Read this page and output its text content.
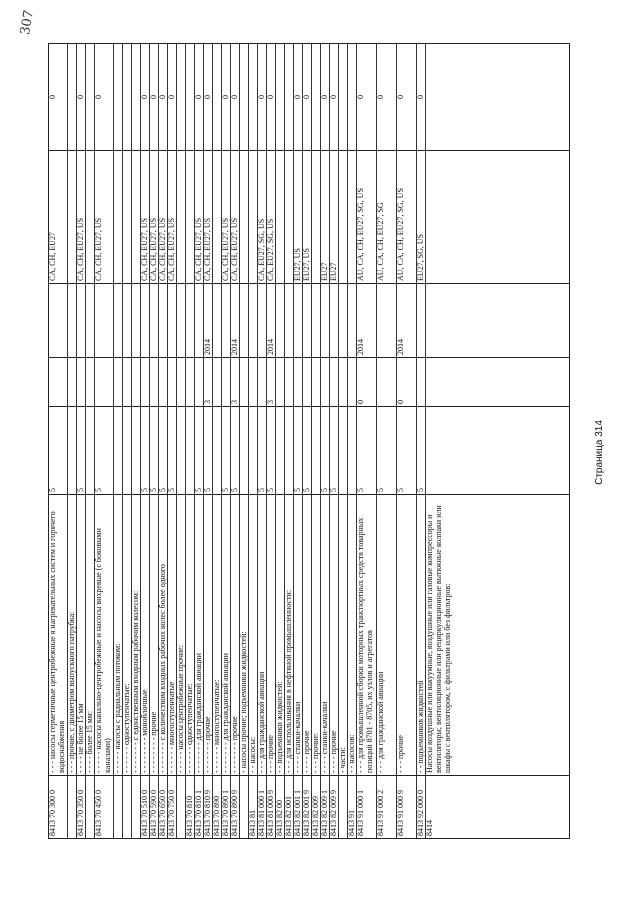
8413 70 300 0
- - - насосы герметичные центробежные я нагревательных систем и горячего водоснабжения
5
CA, CH, EU27
0
- - - прочие, с диаметром выпускного патрубка:
8413 70 350 0
- - - - не более 15 мм
5
CA, CH, EU27, US
0
- - - - более 15 мм:
8413 70 450 0
- - - - - насосы канально-центробежные и насосы вихревые (с боковыми каналами)
5
CA, CH, EU27, US
0
- - - - - насосы с радиальным потоком: - - - - - - одноступенчатые: - - - - - - - с единственным входным рабочим колесом:
8413 70 510 0
- - - - - - - - моноблочные
5
CA, CH, EU27, US
0
8413 70 590 0
- - - - - - - - прочие
5
CA, CH, EU27, US
0
8413 70 650 0
- - - - - - - с количеством входных рабочих колес более одного
5
CA, CH, EU27, US
0
8413 70 750 0
- - - - - - многоступенчатые
5
CA, CH, EU27, US
0
- - - - - насосы центробежные прочие:
8413 70 810
- - - - - - одноступенчатые:
8413 70 810 1
- - - - - - - для гражданской авиации
5
CA, CH, EU27, US
0
8413 70 810 9
- - - - - - - прочие
5
3
2014
CA, CH, EU27, US
0
8413 70 890
- - - - - - многоступенчатые:
8413 70 890 1
- - - - - - - для гражданской авиации
5
CA, CH, EU27, US
0
8413 70 890 9
- - - - - - - прочие
5
3
2014
CA, CH, EU27, US
0
- насосы прочие; подъемники жидкостей:
8413 81
- - насосы:
8413 81 000 1
- - - для гражданской авиации
5
CA, EU27, SG, US
0
8413 81 000 9
- - - прочие
5
3
2014
CA, EU27, SG, US
0
8413 82 00
- - подъемники жидкостей:
8413 82 001
- - - для использования в нефтяной промышленности:
8413 82 001 1
- - - - станки-качалки
5
EU27, US
0
8413 82 001 9
- - - - прочие
5
EU27, US
0
8413 82 009
- - - прочие:
8413 82 009 1
- - - - станки-качалки
5
EU27
0
8413 82 009 9
- - - - прочие
5
EU27
0
- части:
8413 91
- - насосов:
8413 91 000 1
- - - для промышленной сборки моторных транспортных средств товарных позиций 8701 - 8705, их узлов и агрегатов
5
0
2014
AU, CA, CH, EU27, SG, US
0
8413 91 000 2
- - - для гражданской авиации
5
AU, CA, CH, EU27, SG
0
8413 91 000 9
- - - прочие
5
0
2014
AU, CA, CH, EU27, SG, US
0
8413 92 000 0
- - подъемников жидкостей
5
EU27, SG, US
0
8414
Насосы воздушные или вакуумные, воздушные или газовые компрессоры и вентиляторы; вентиляционные или рециркуляционные вытяжные колпаки или шкафы с вентилятором, с фильтрами или без фильтров:
Страница 314
307
